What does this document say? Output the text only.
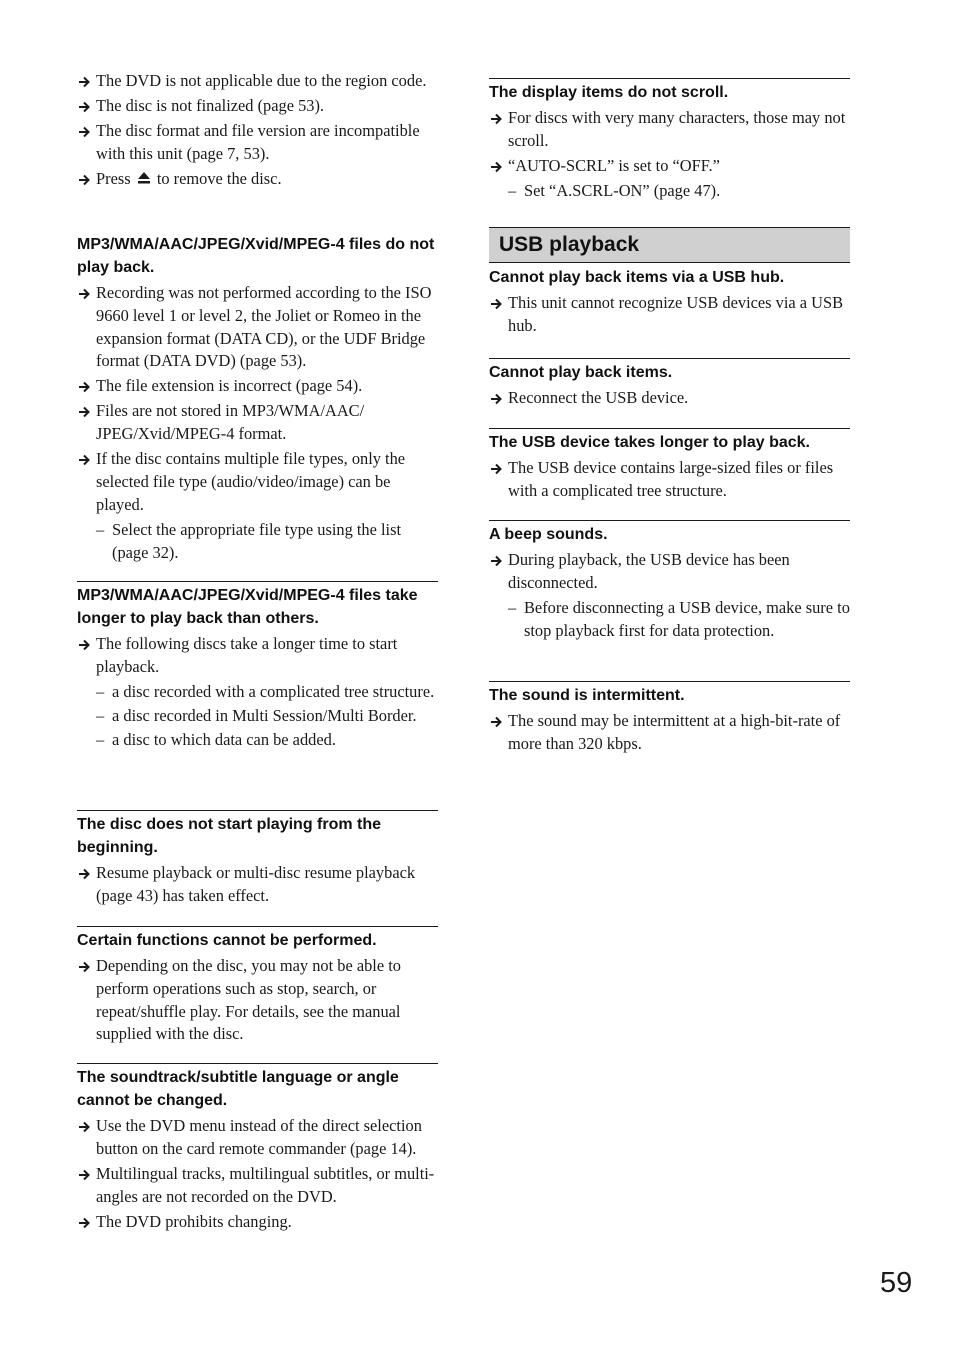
The DVD is not applicable due to the region code.
The disc is not finalized (page 53).
The disc format and file version are incompatible with this unit (page 7, 53).
Press to remove the disc.
MP3/WMA/AAC/JPEG/Xvid/MPEG-4 files do not play back.
Recording was not performed according to the ISO 9660 level 1 or level 2, the Joliet or Romeo in the expansion format (DATA CD), or the UDF Bridge format (DATA DVD) (page 53).
The file extension is incorrect (page 54).
Files are not stored in MP3/WMA/AAC/ JPEG/Xvid/MPEG-4 format.
If the disc contains multiple file types, only the selected file type (audio/video/image) can be played.
– Select the appropriate file type using the list (page 32).
MP3/WMA/AAC/JPEG/Xvid/MPEG-4 files take longer to play back than others.
The following discs take a longer time to start playback.
– a disc recorded with a complicated tree structure.
– a disc recorded in Multi Session/Multi Border.
– a disc to which data can be added.
The disc does not start playing from the beginning.
Resume playback or multi-disc resume playback (page 43) has taken effect.
Certain functions cannot be performed.
Depending on the disc, you may not be able to perform operations such as stop, search, or repeat/shuffle play. For details, see the manual supplied with the disc.
The soundtrack/subtitle language or angle cannot be changed.
Use the DVD menu instead of the direct selection button on the card remote commander (page 14).
Multilingual tracks, multilingual subtitles, or multi-angles are not recorded on the DVD.
The DVD prohibits changing.
The display items do not scroll.
For discs with very many characters, those may not scroll.
“AUTO-SCRL” is set to “OFF.”
– Set “A.SCRL-ON” (page 47).
USB playback
Cannot play back items via a USB hub.
This unit cannot recognize USB devices via a USB hub.
Cannot play back items.
Reconnect the USB device.
The USB device takes longer to play back.
The USB device contains large-sized files or files with a complicated tree structure.
A beep sounds.
During playback, the USB device has been disconnected.
– Before disconnecting a USB device, make sure to stop playback first for data protection.
The sound is intermittent.
The sound may be intermittent at a high-bit-rate of more than 320 kbps.
59
